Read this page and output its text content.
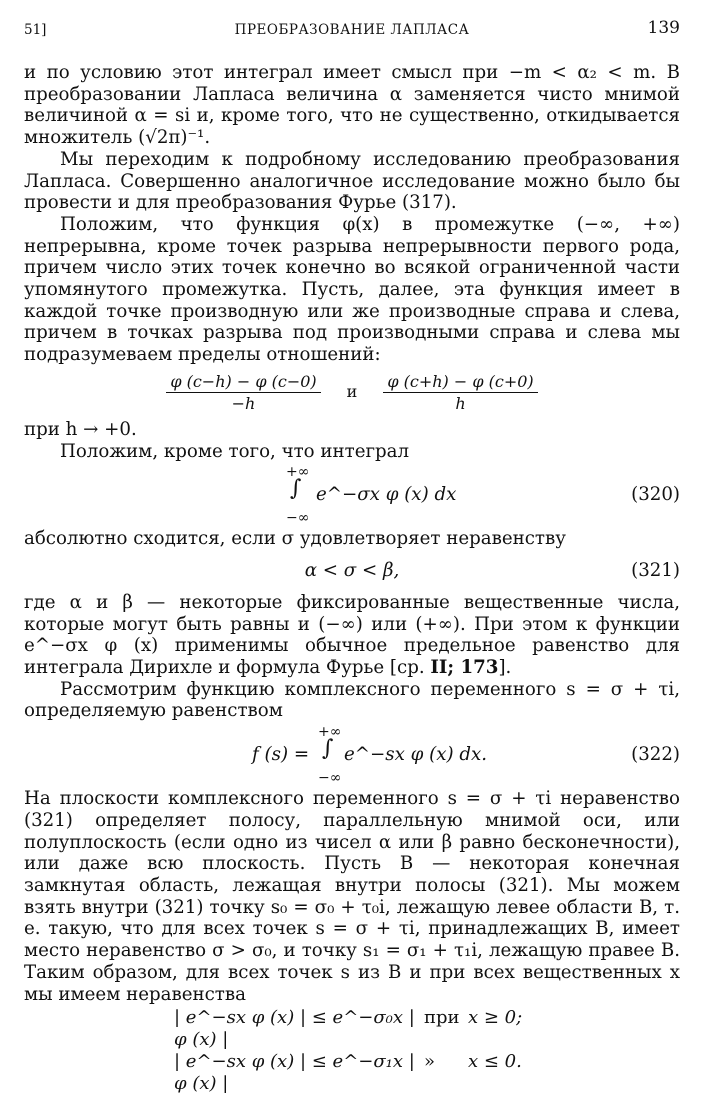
51]	ПРЕОБРАЗОВАНИЕ ЛАПЛАСА	139

и по условию этот интеграл имеет смысл при −m < α₂ < m. В преобразовании Лапласа величина α заменяется чисто мнимой величиной α = si и, кроме того, что не существенно, откидывается множитель (√2π)⁻¹.

Мы переходим к подробному исследованию преобразования Лапласа. Совершенно аналогичное исследование можно было бы провести и для преобразования Фурье (317).

Положим, что функция φ(x) в промежутке (−∞, +∞) непрерывна, кроме точек разрыва непрерывности первого рода, причем число этих точек конечно во всякой ограниченной части упомянутого промежутка. Пусть, далее, эта функция имеет в каждой точке производную или же производные справа и слева, причем в точках разрыва под производными справа и слева мы подразумеваем пределы отношений:

$\frac{\varphi (c-h) - \varphi (c-0)}{-h}$ и $\frac{\varphi (c+h) - \varphi (c+0)}{h}$

при h → +0.

Положим, кроме того, что интеграл

+∞
∫
−∞
e^−σx φ (x) dx	(320)

абсолютно сходится, если σ удовлетворяет неравенству

α < σ < β,	(321)

где α и β — некоторые фиксированные вещественные числа, которые могут быть равны и (−∞) или (+∞). При этом к функции e^−σx φ (x) применимы обычное предельное равенство для интеграла Дирихле и формула Фурье [ср. II; 173].

Рассмотрим функцию комплексного переменного s = σ + τi, определяемую равенством

f (s) =
+∞
∫
−∞
e^−sx φ (x) dx.	(322)

На плоскости комплексного переменного s = σ + τi неравенство (321) определяет полосу, параллельную мнимой оси, или полуплоскость (если одно из чисел α или β равно бесконечности), или даже всю плоскость. Пусть B — некоторая конечная замкнутая область, лежащая внутри полосы (321). Мы можем взять внутри (321) точку s₀ = σ₀ + τ₀i, лежащую левее области B, т. е. такую, что для всех точек s = σ + τi, принадлежащих B, имеет место неравенство σ > σ₀, и точку s₁ = σ₁ + τ₁i, лежащую правее B. Таким образом, для всех точек s из B и при всех вещественных x мы имеем неравенства

| e^−sx φ (x) | ≤ e^−σ₀x | φ (x) |
при x ≥ 0;
| e^−sx φ (x) | ≤ e^−σ₁x | φ (x) |
»	x ≤ 0.
